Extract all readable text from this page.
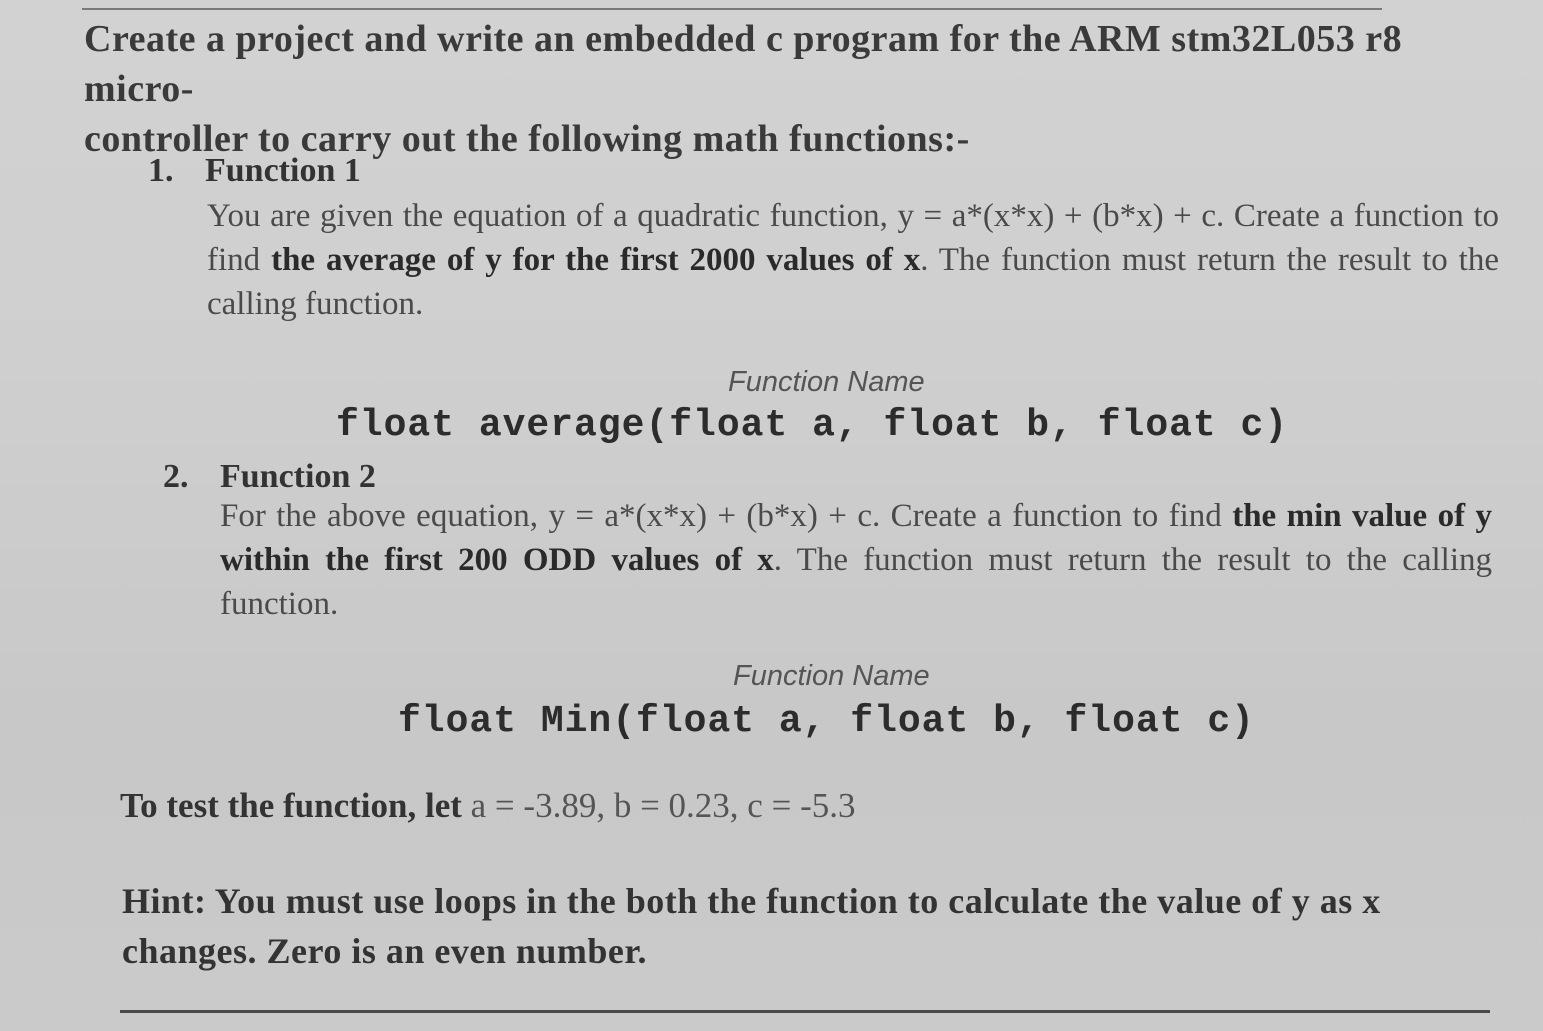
Create a project and write an embedded c program for the ARM stm32L053 r8 micro-
controller to carry out the following math functions:-

1. Function 1

You are given the equation of a quadratic function, y = a*(x*x) + (b*x) + c. Create a function to find the average of y for the first 2000 values of x. The function must return the result to the calling function.

Function Name
float average(float a, float b, float c)
2. Function 2

For the above equation, y = a*(x*x) + (b*x) + c. Create a function to find the min value of y within the first 200 ODD values of x. The function must return the result to the calling function.

Function Name
float Min(float a, float b, float c)
To test the function, let a = -3.89, b = 0.23, c = -5.3

Hint: You must use loops in the both the function to calculate the value of y as x changes. Zero is an even number.
